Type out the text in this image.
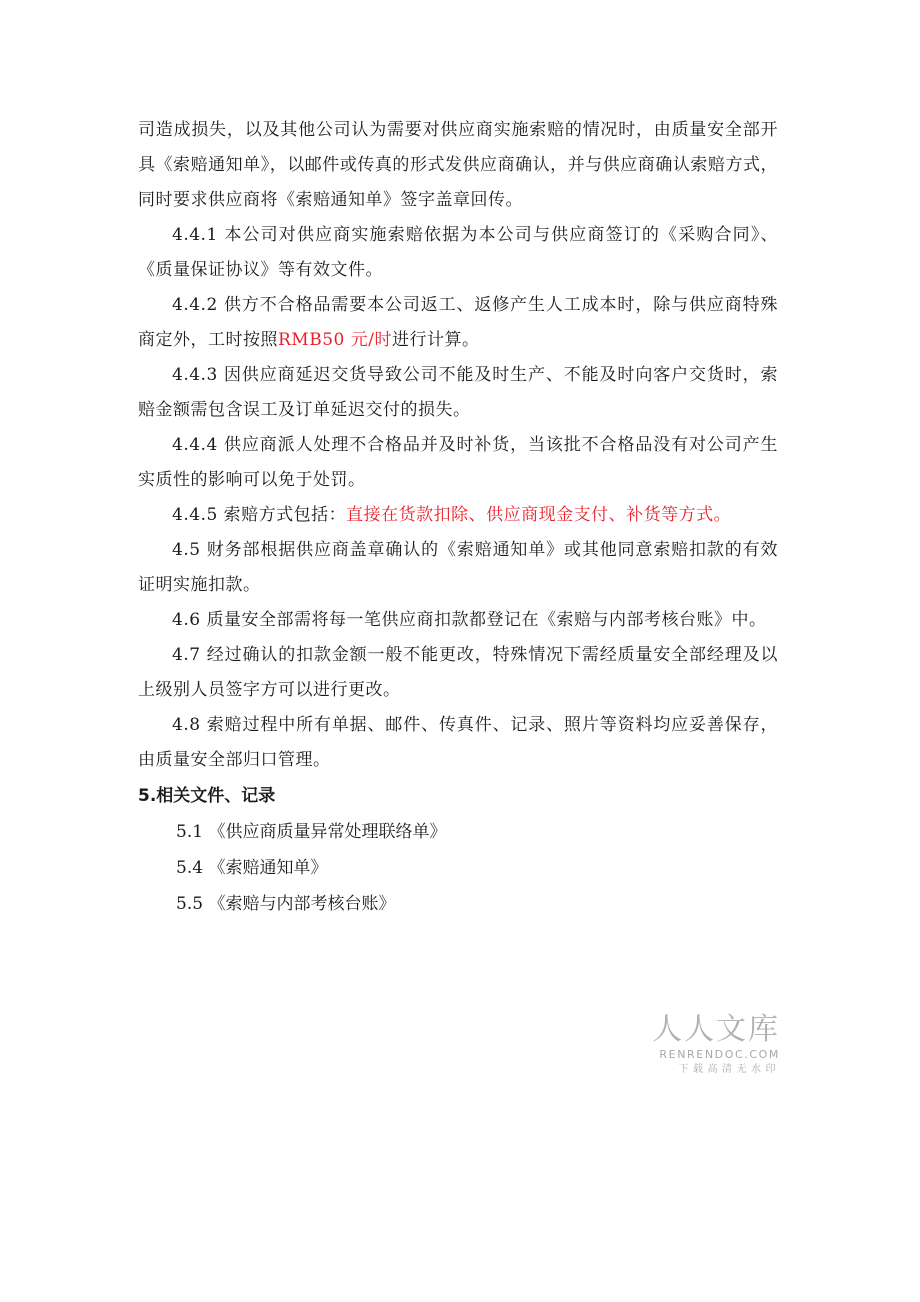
司造成损失，以及其他公司认为需要对供应商实施索赔的情况时，由质量安全部开具《索赔通知单》，以邮件或传真的形式发供应商确认，并与供应商确认索赔方式，同时要求供应商将《索赔通知单》签字盖章回传。

4.4.1 本公司对供应商实施索赔依据为本公司与供应商签订的《采购合同》、《质量保证协议》等有效文件。

4.4.2 供方不合格品需要本公司返工、返修产生人工成本时，除与供应商特殊商定外，工时按照RMB50 元/时进行计算。

4.4.3 因供应商延迟交货导致公司不能及时生产、不能及时向客户交货时，索赔金额需包含误工及订单延迟交付的损失。

4.4.4 供应商派人处理不合格品并及时补货，当该批不合格品没有对公司产生实质性的影响可以免于处罚。

4.4.5 索赔方式包括：直接在货款扣除、供应商现金支付、补货等方式。

4.5 财务部根据供应商盖章确认的《索赔通知单》或其他同意索赔扣款的有效证明实施扣款。

4.6 质量安全部需将每一笔供应商扣款都登记在《索赔与内部考核台账》中。

4.7 经过确认的扣款金额一般不能更改，特殊情况下需经质量安全部经理及以上级别人员签字方可以进行更改。

4.8 索赔过程中所有单据、邮件、传真件、记录、照片等资料均应妥善保存，由质量安全部归口管理。

5.相关文件、记录

5.1 《供应商质量异常处理联络单》

5.4 《索赔通知单》

5.5 《索赔与内部考核台账》

人人文库
RENRENDOC.COM
下载高清无水印
